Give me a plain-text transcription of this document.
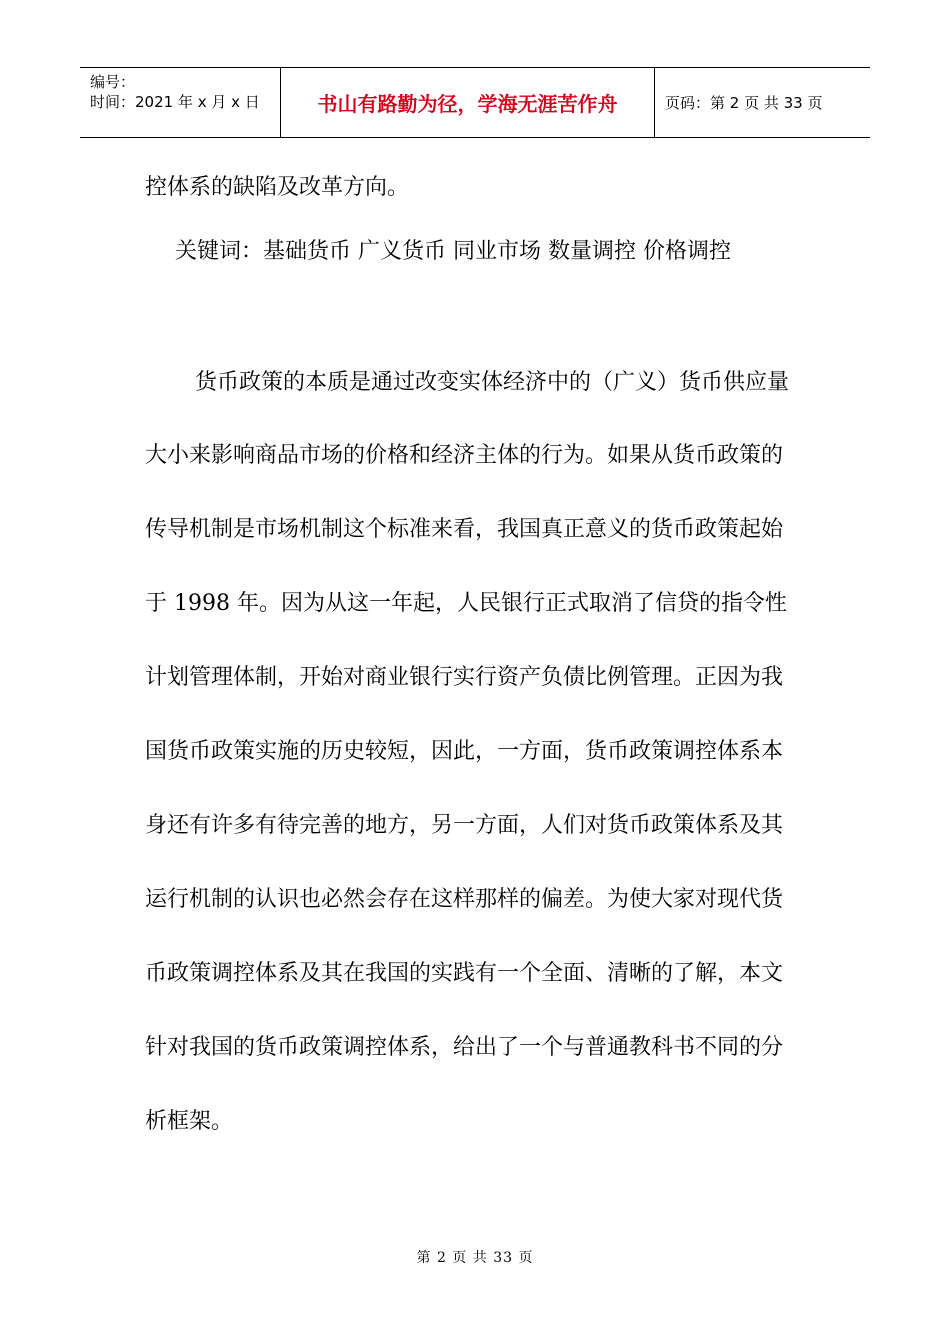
编号：
时间：2021 年 x 月 x 日	书山有路勤为径，学海无涯苦作舟	页码：第 2 页 共 33 页
控体系的缺陷及改革方向。
关键词：基础货币 广义货币 同业市场 数量调控 价格调控
货币政策的本质是通过改变实体经济中的（广义）货币供应量
大小来影响商品市场的价格和经济主体的行为。如果从货币政策的
传导机制是市场机制这个标准来看，我国真正意义的货币政策起始
于 1998 年。因为从这一年起，人民银行正式取消了信贷的指令性
计划管理体制，开始对商业银行实行资产负债比例管理。正因为我
国货币政策实施的历史较短，因此，一方面，货币政策调控体系本
身还有许多有待完善的地方，另一方面，人们对货币政策体系及其
运行机制的认识也必然会存在这样那样的偏差。为使大家对现代货
币政策调控体系及其在我国的实践有一个全面、清晰的了解，本文
针对我国的货币政策调控体系，给出了一个与普通教科书不同的分
析框架。
第 2 页 共 33 页
